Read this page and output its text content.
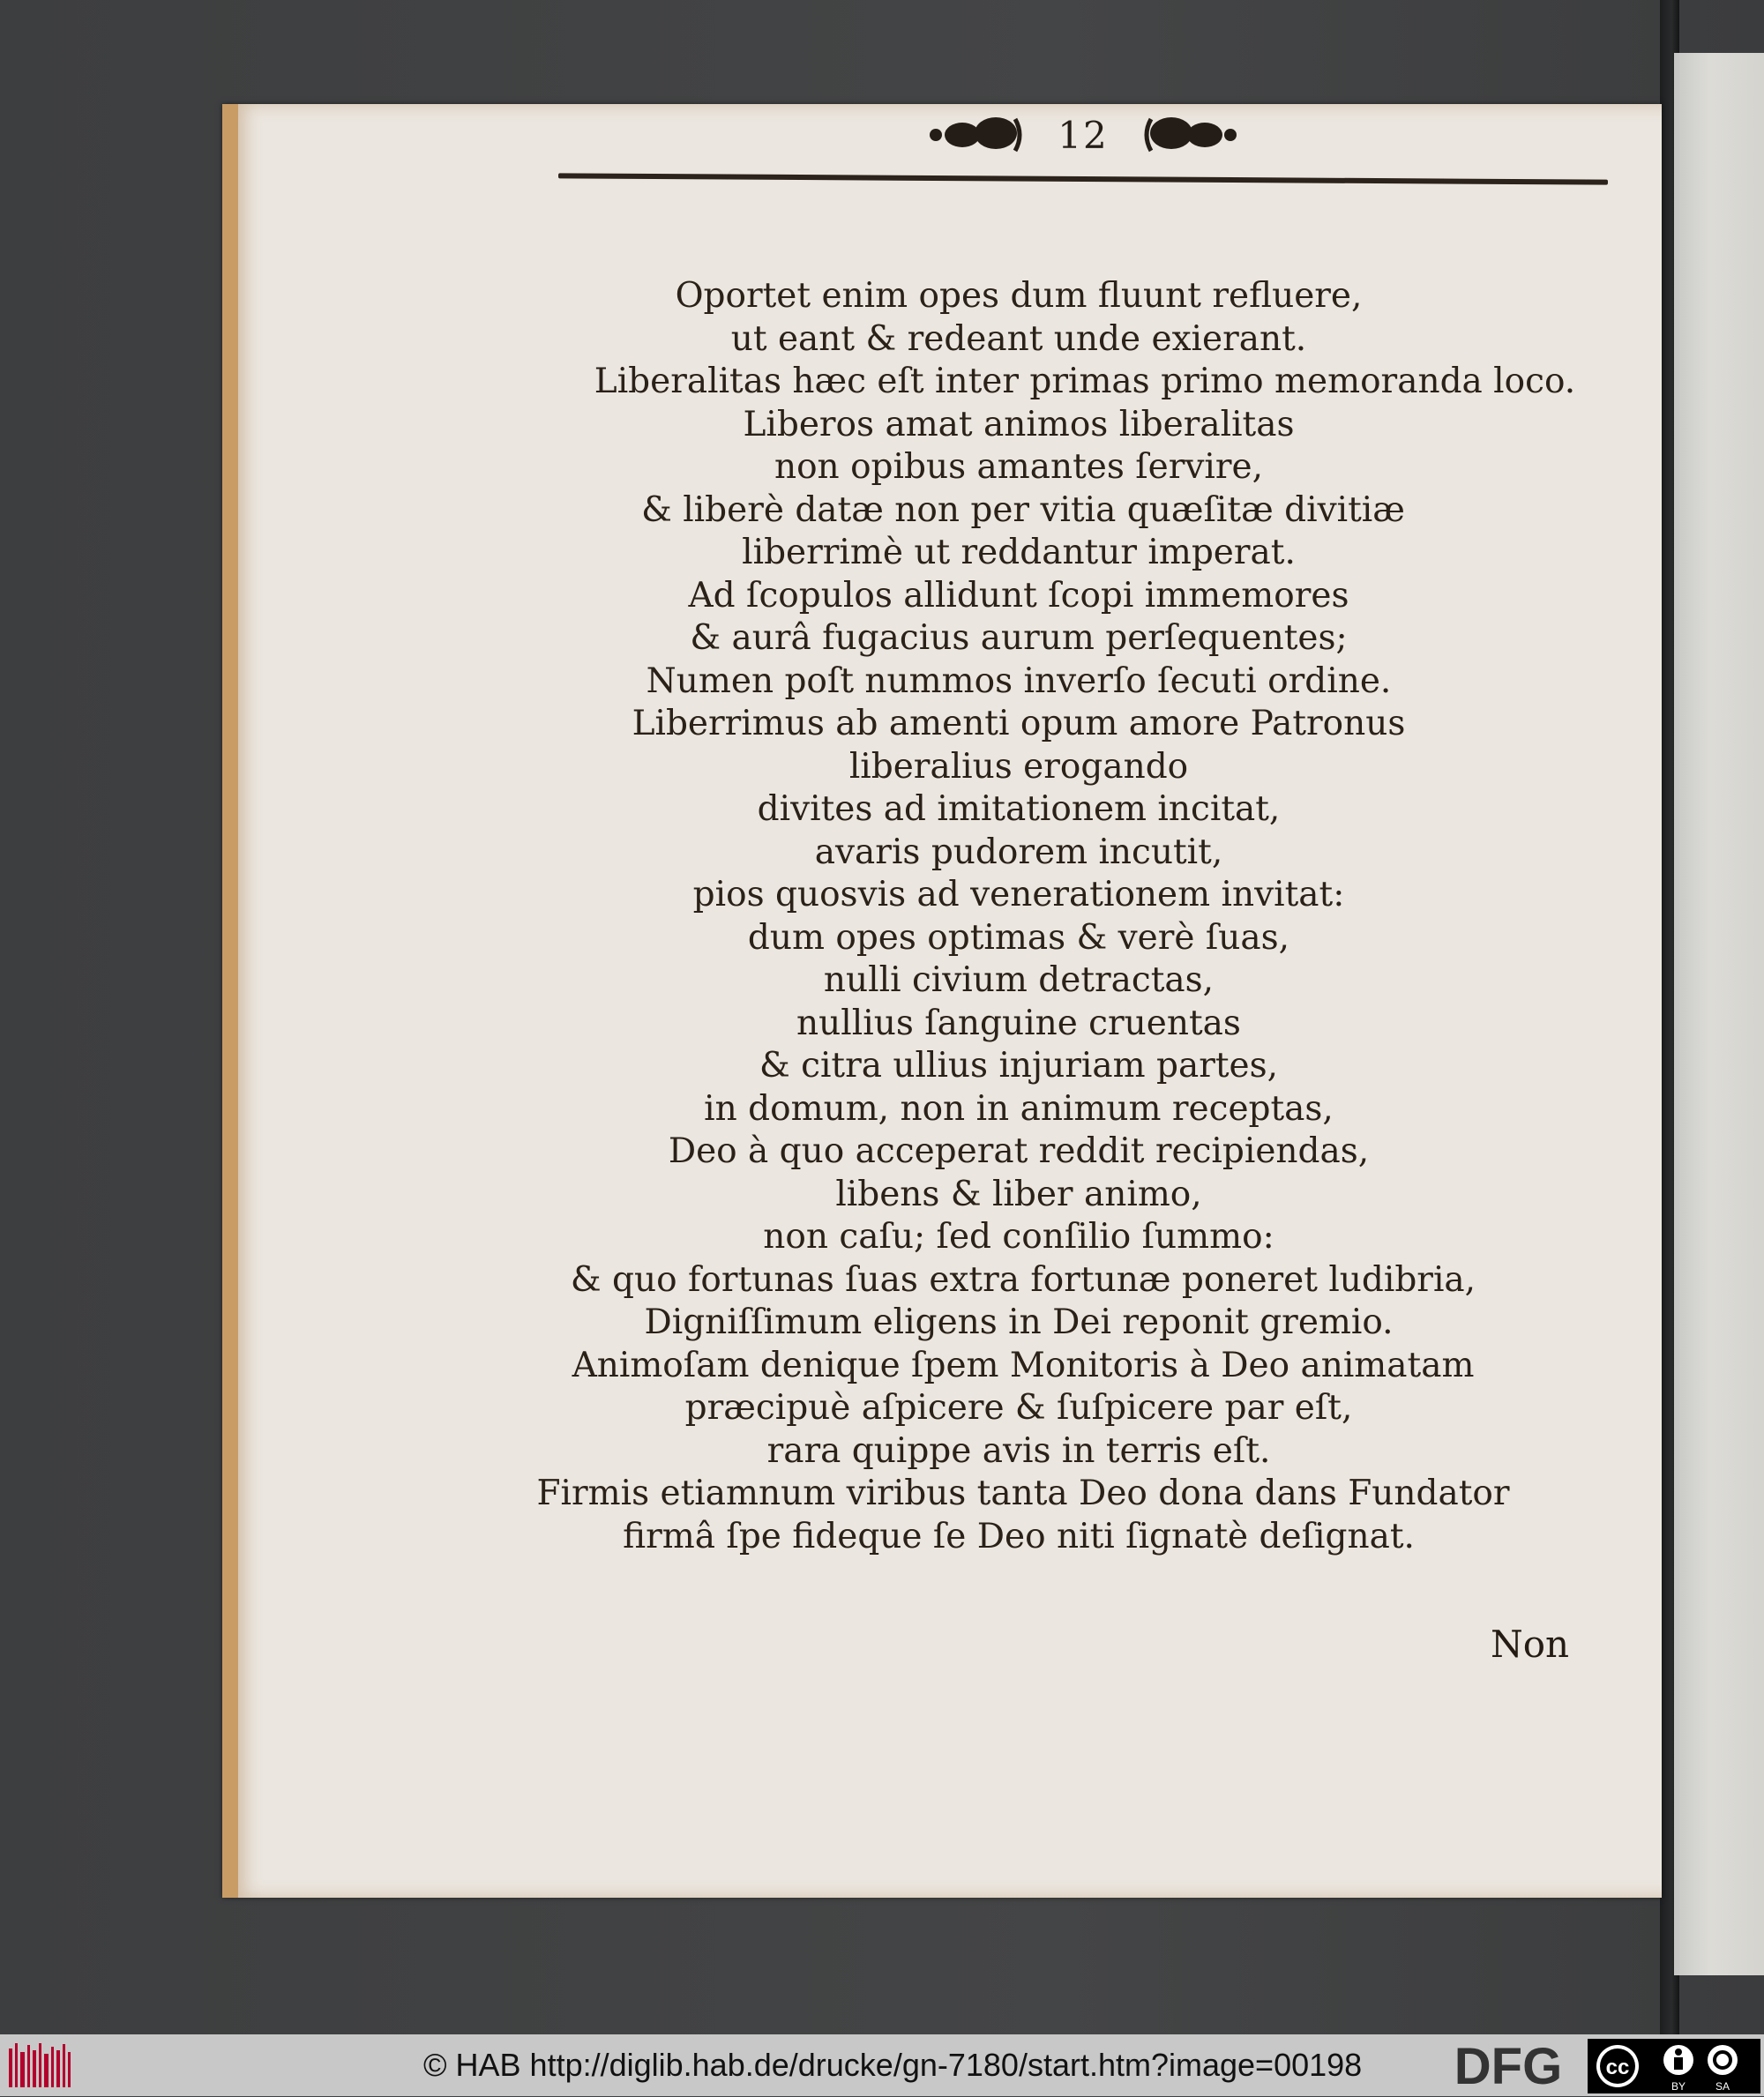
12
Oportet enim opes dum fluunt refluere,
ut eant & redeant unde exierant.
Liberalitas hæc eſt inter primas primo memoranda loco.
Liberos amat animos liberalitas
non opibus amantes ſervire,
& liberè datæ non per vitia quæſitæ divitiæ
liberrimè ut reddantur imperat.
Ad ſcopulos allidunt ſcopi immemores
& aurâ fugacius aurum perſequentes;
Numen poſt nummos inverſo ſecuti ordine.
Liberrimus ab amenti opum amore Patronus
liberalius erogando
divites ad imitationem incitat,
avaris pudorem incutit,
pios quosvis ad venerationem invitat:
dum opes optimas & verè ſuas,
nulli civium detractas,
nullius ſanguine cruentas
& citra ullius injuriam partes,
in domum, non in animum receptas,
Deo à quo acceperat reddit recipiendas,
libens & liber animo,
non caſu; ſed conſilio ſummo:
& quo fortunas ſuas extra fortunæ poneret ludibria,
Digniſſimum eligens in Dei reponit gremio.
Animoſam denique ſpem Monitoris à Deo animatam
præcipuè aſpicere & ſuſpicere par eſt,
rara quippe avis in terris eſt.
Firmis etiamnum viribus tanta Deo dona dans Fundator
firmâ ſpe fideque ſe Deo niti ſignatè deſignat.
Non
© HAB http://diglib.hab.de/drucke/gn-7180/start.htm?image=00198 DFG cc
BY	SA
